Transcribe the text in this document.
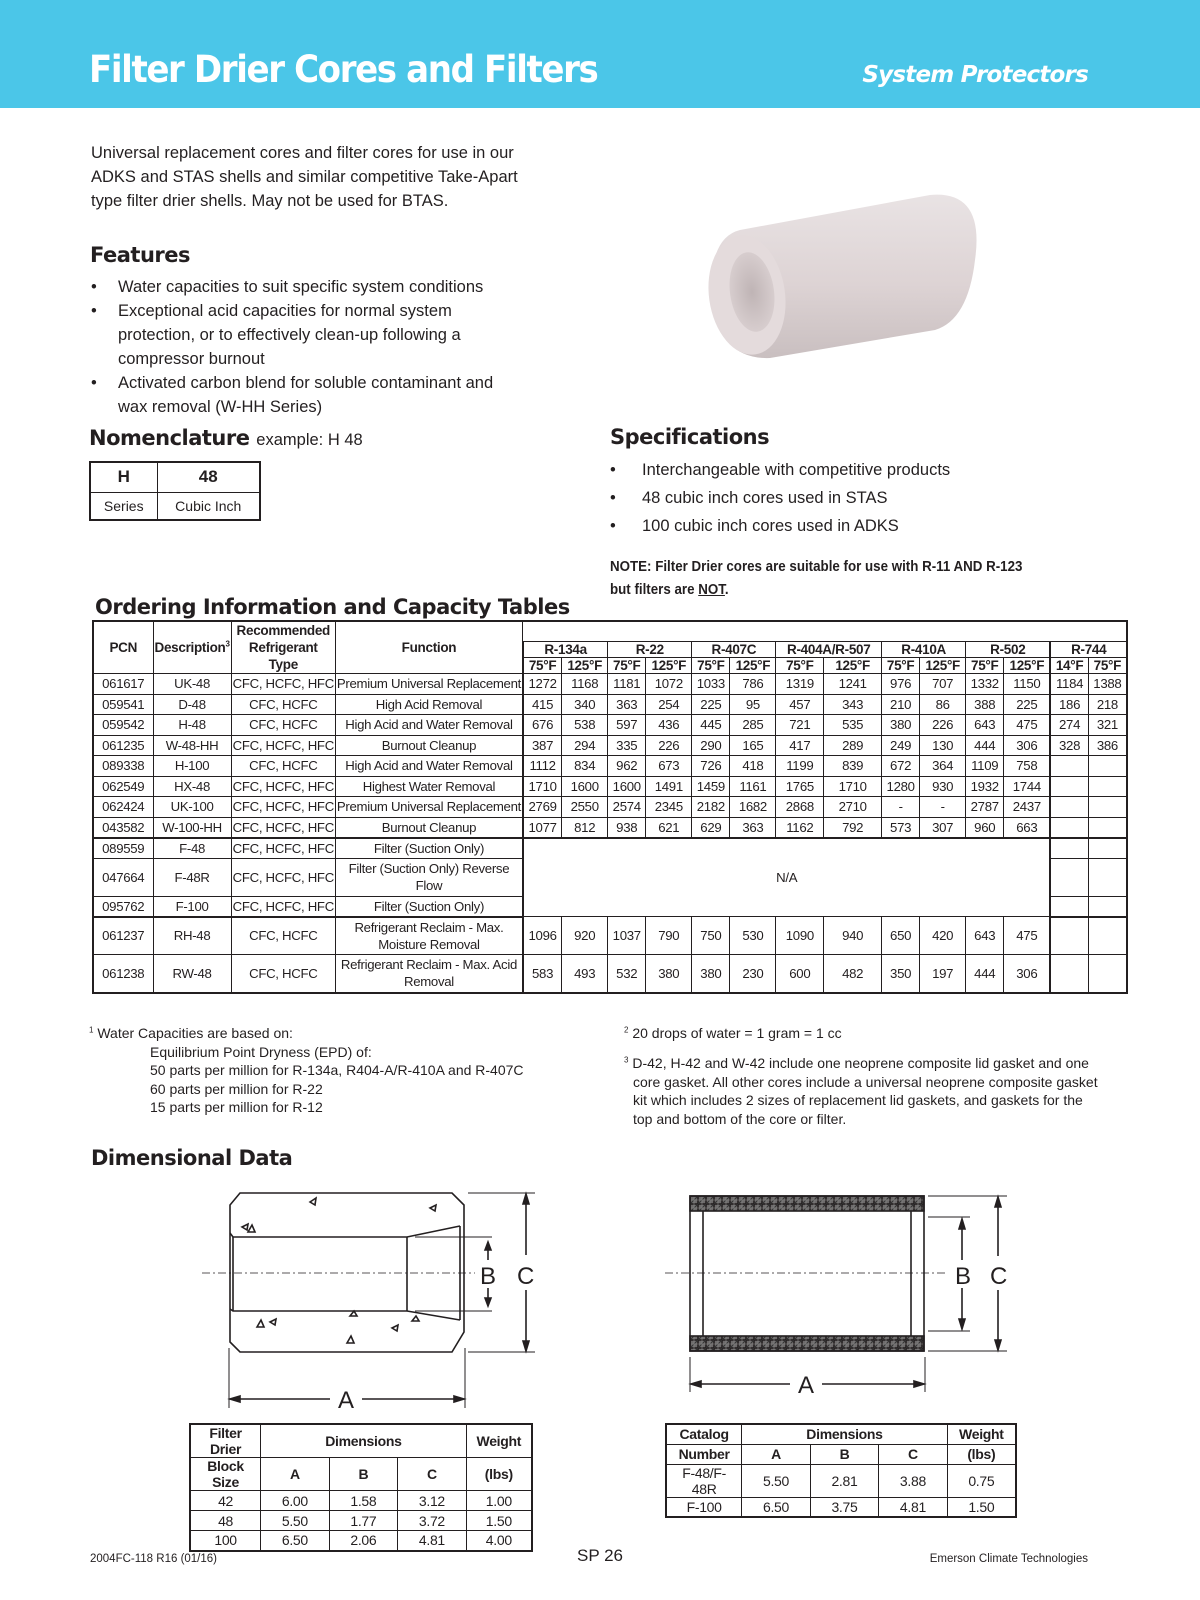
Filter Drier Cores and Filters	System Protectors

Universal replacement cores and filter cores for use in our ADKS and STAS shells and similar competitive Take-Apart type filter drier shells. May not be used for BTAS.

Features
• Water capacities to suit specific system conditions
• Exceptional acid capacities for normal system protection, or to effectively clean-up following a compressor burnout
• Activated carbon blend for soluble contaminant and wax removal (W-HH Series)
Nomenclature example: H 48
H	48
Series	Cubic Inch
Specifications
• Interchangeable with competitive products
• 48 cubic inch cores used in STAS
• 100 cubic inch cores used in ADKS
NOTE: Filter Drier cores are suitable for use with R-11 AND R-123 but filters are NOT.
Ordering Information and Capacity Tables
PCN	Description$^3$	Recommended Refrigerant Type	Function														
				R-134a		R-22		R-407C		R-404A/R-507		R-410A		R-502		R-744	
				75°F	125°F	75°F	125°F	75°F	125°F	75°F	125°F	75°F	125°F	75°F	125°F	14°F	75°F
061617	UK-48	CFC, HCFC, HFC	Premium Universal Replacement	1272	1168	1181	1072	1033	786	1319	1241	976	707	1332	1150	1184	1388
059541	D-48	CFC, HCFC	High Acid Removal	415	340	363	254	225	95	457	343	210	86	388	225	186	218
059542	H-48	CFC, HCFC	High Acid and Water Removal	676	538	597	436	445	285	721	535	380	226	643	475	274	321
061235	W-48-HH	CFC, HCFC, HFC	Burnout Cleanup	387	294	335	226	290	165	417	289	249	130	444	306	328	386
089338	H-100	CFC, HCFC	High Acid and Water Removal	1112	834	962	673	726	418	1199	839	672	364	1109	758		
062549	HX-48	CFC, HCFC, HFC	Highest Water Removal	1710	1600	1600	1491	1459	1161	1765	1710	1280	930	1932	1744		
062424	UK-100	CFC, HCFC, HFC	Premium Universal Replacement	2769	2550	2574	2345	2182	1682	2868	2710	-	-	2787	2437		
043582	W-100-HH	CFC, HCFC, HFC	Burnout Cleanup	1077	812	938	621	629	363	1162	792	573	307	960	663		
089559	F-48	CFC, HCFC, HFC	Filter (Suction Only)	N/A													
047664	F-48R	CFC, HCFC, HFC	Filter (Suction Only) Reverse Flow														
095762	F-100	CFC, HCFC, HFC	Filter (Suction Only)														
061237	RH-48	CFC, HCFC	Refrigerant Reclaim - Max. Moisture Removal	1096	920	1037	790	750	530	1090	940	650	420	643	475		
061238	RW-48	CFC, HCFC	Refrigerant Reclaim - Max. Acid Removal	583	493	532	380	380	230	600	482	350	197	444	306		
$^1$ Water Capacities are based on:
Equilibrium Point Dryness (EPD) of:
50 parts per million for R-134a, R404-A/R-410A and R-407C
60 parts per million for R-22
15 parts per million for R-12
$^2$ 20 drops of water = 1 gram = 1 cc
$^3$ D-42, H-42 and W-42 include one neoprene composite lid gasket and one core gasket. All other cores include a universal neoprene composite gasket kit which includes 2 sizes of replacement lid gaskets, and gaskets for the top and bottom of the core or filter.
Dimensional Data
B C
A
B C
A
Filter Drier	Dimensions			Weight
Block Size	A	B	C	(lbs)
42	6.00	1.58	3.12	1.00
48	5.50	1.77	3.72	1.50
100	6.50	2.06	4.81	4.00
Catalog	Dimensions			Weight
Number	A	B	C	(lbs)
F-48/F-48R	5.50	2.81	3.88	0.75
F-100	6.50	3.75	4.81	1.50
2004FC-118 R16 (01/16)	SP 26	Emerson Climate Technologies
